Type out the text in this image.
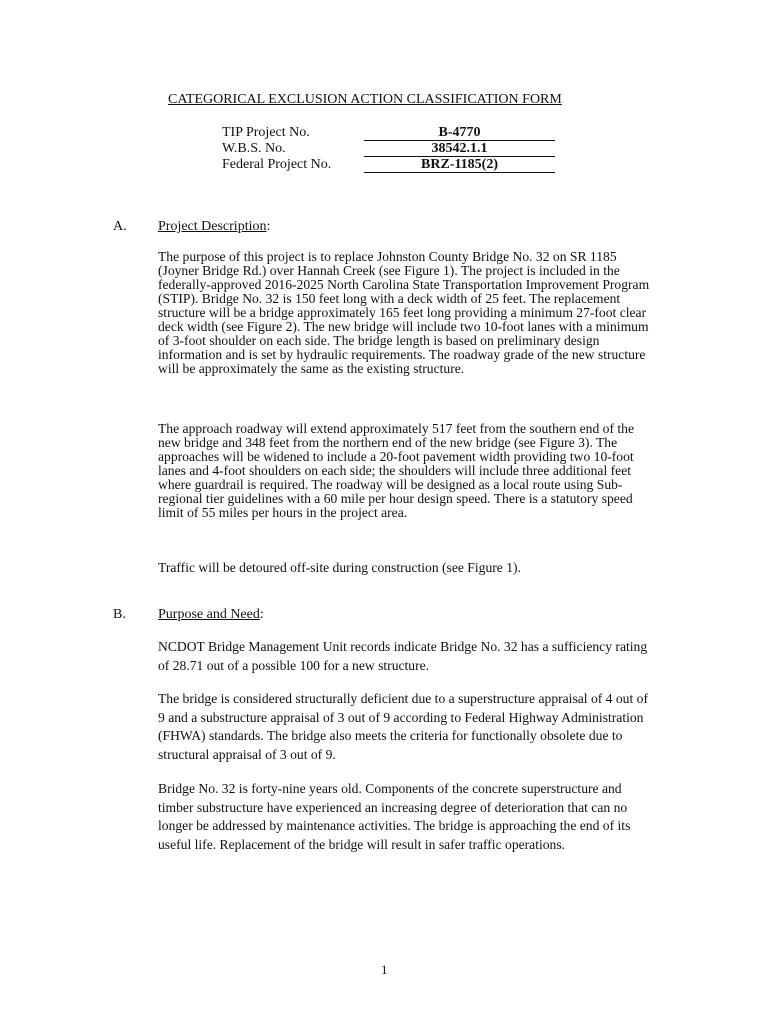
CATEGORICAL EXCLUSION ACTION CLASSIFICATION FORM
TIP Project No.	B-4770
W.B.S. No.	38542.1.1
Federal Project No.	BRZ-1185(2)
A. Project Description:

The purpose of this project is to replace Johnston County Bridge No. 32 on SR 1185 (Joyner Bridge Rd.) over Hannah Creek (see Figure 1). The project is included in the federally-approved 2016-2025 North Carolina State Transportation Improvement Program (STIP). Bridge No. 32 is 150 feet long with a deck width of 25 feet. The replacement structure will be a bridge approximately 165 feet long providing a minimum 27-foot clear deck width (see Figure 2). The new bridge will include two 10-foot lanes with a minimum of 3-foot shoulder on each side. The bridge length is based on preliminary design information and is set by hydraulic requirements. The roadway grade of the new structure will be approximately the same as the existing structure.

The approach roadway will extend approximately 517 feet from the southern end of the new bridge and 348 feet from the northern end of the new bridge (see Figure 3). The approaches will be widened to include a 20-foot pavement width providing two 10-foot lanes and 4-foot shoulders on each side; the shoulders will include three additional feet where guardrail is required. The roadway will be designed as a local route using Sub-regional tier guidelines with a 60 mile per hour design speed. There is a statutory speed limit of 55 miles per hours in the project area.

Traffic will be detoured off-site during construction (see Figure 1).

B. Purpose and Need:

NCDOT Bridge Management Unit records indicate Bridge No. 32 has a sufficiency rating of 28.71 out of a possible 100 for a new structure.

The bridge is considered structurally deficient due to a superstructure appraisal of 4 out of 9 and a substructure appraisal of 3 out of 9 according to Federal Highway Administration (FHWA) standards. The bridge also meets the criteria for functionally obsolete due to structural appraisal of 3 out of 9.

Bridge No. 32 is forty-nine years old. Components of the concrete superstructure and timber substructure have experienced an increasing degree of deterioration that can no longer be addressed by maintenance activities. The bridge is approaching the end of its useful life. Replacement of the bridge will result in safer traffic operations.

1
